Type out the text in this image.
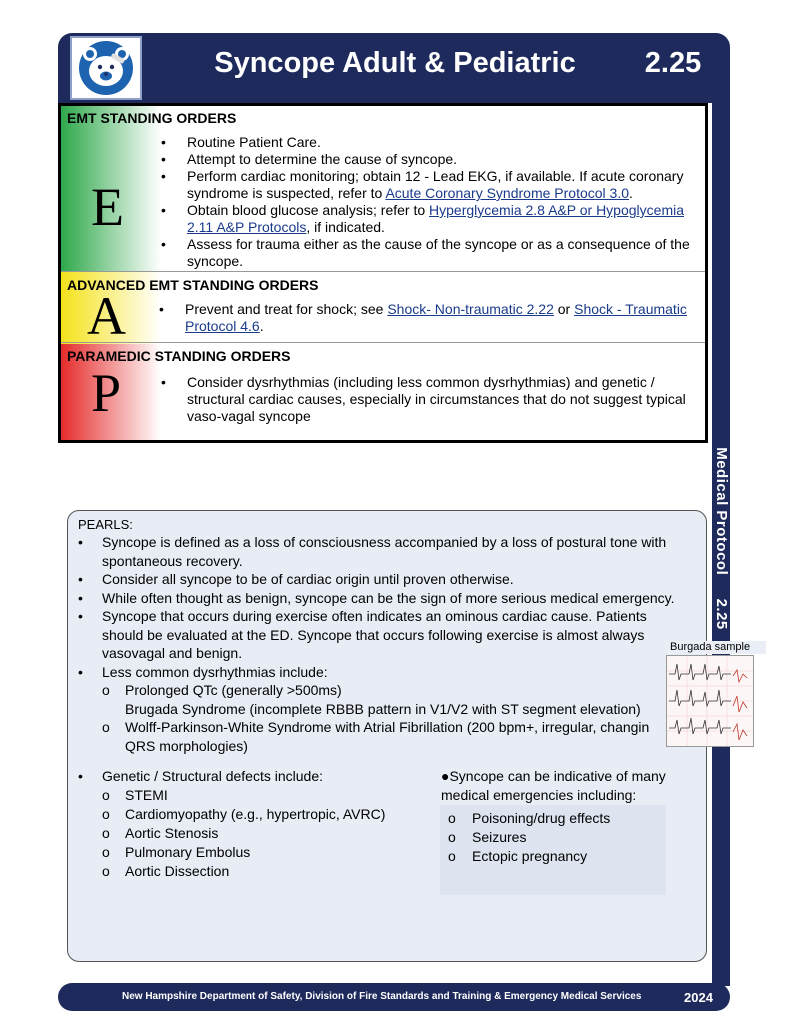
Syncope Adult & Pediatric	2.25
Medical Protocol     2.25
EMT STANDING ORDERS
E
• Routine Patient Care.
• Attempt to determine the cause of syncope.
• Perform cardiac monitoring; obtain 12 - Lead EKG, if available. If acute coronary syndrome is suspected, refer to Acute Coronary Syndrome Protocol 3.0.
• Obtain blood glucose analysis; refer to Hyperglycemia 2.8 A&P or Hypoglycemia 2.11 A&P Protocols, if indicated.
• Assess for trauma either as the cause of the syncope or as a consequence of the syncope.
ADVANCED EMT STANDING ORDERS
A • Prevent and treat for shock; see Shock- Non-traumatic 2.22 or Shock - Traumatic Protocol 4.6.
PARAMEDIC STANDING ORDERS
P	• Consider dysrhythmias (including less common dysrhythmias) and genetic / structural cardiac causes, especially in circumstances that do not suggest typical vaso-vagal syncope
PEARLS:
• Syncope is defined as a loss of consciousness accompanied by a loss of postural tone with spontaneous recovery.
• Consider all syncope to be of cardiac origin until proven otherwise.
• While often thought as benign, syncope can be the sign of more serious medical emergency.
• Syncope that occurs during exercise often indicates an ominous cardiac cause. Patients should be evaluated at the ED. Syncope that occurs following exercise is almost always vasovagal and benign.
• Less common dysrhythmias include:
o Prolonged QTc (generally >500ms)
Brugada Syndrome (incomplete RBBB pattern in V1/V2 with ST segment elevation)
o Wolff-Parkinson-White Syndrome with Atrial Fibrillation (200 bpm+, irregular, changin
QRS morphologies)
• Genetic / Structural defects include:
o STEMI
o Cardiomyopathy (e.g., hypertropic, AVRC)
o Aortic Stenosis
o Pulmonary Embolus
o Aortic Dissection
●Syncope can be indicative of many medical emergencies including:
o Poisoning/drug effects
o Seizures
o Ectopic pregnancy
Burgada sample
New Hampshire Department of Safety, Division of Fire Standards and Training & Emergency Medical Services	2024
